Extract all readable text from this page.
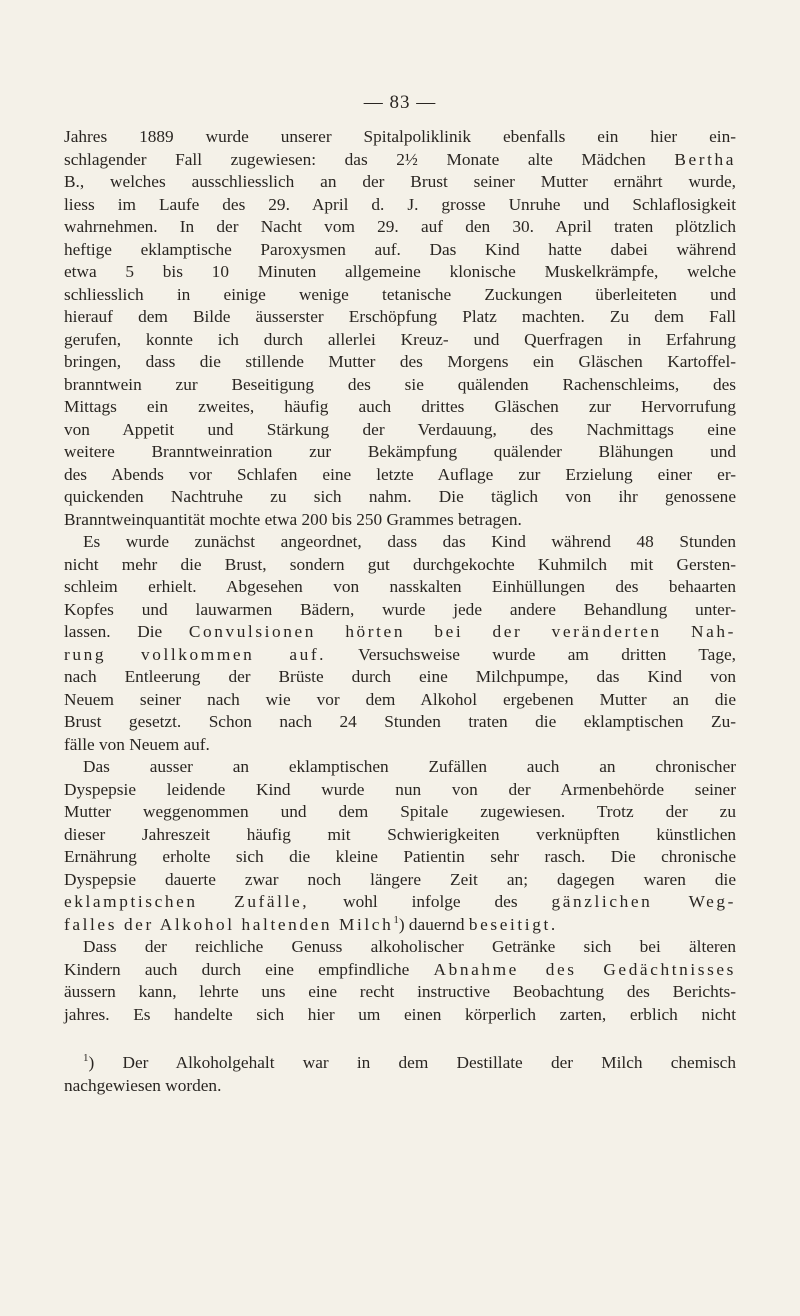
— 83 —
Jahres 1889 wurde unserer Spitalpoliklinik ebenfalls ein hier ein-
schlagender Fall zugewiesen: das 2½ Monate alte Mädchen Bertha
B., welches ausschliesslich an der Brust seiner Mutter ernährt wurde,
liess im Laufe des 29. April d. J. grosse Unruhe und Schlaflosigkeit
wahrnehmen. In der Nacht vom 29. auf den 30. April traten plötzlich
heftige eklamptische Paroxysmen auf. Das Kind hatte dabei während
etwa 5 bis 10 Minuten allgemeine klonische Muskelkrämpfe, welche
schliesslich in einige wenige tetanische Zuckungen überleiteten und
hierauf dem Bilde äusserster Erschöpfung Platz machten. Zu dem Fall
gerufen, konnte ich durch allerlei Kreuz- und Querfragen in Erfahrung
bringen, dass die stillende Mutter des Morgens ein Gläschen Kartoffel-
branntwein zur Beseitigung des sie quälenden Rachenschleims, des
Mittags ein zweites, häufig auch drittes Gläschen zur Hervorrufung
von Appetit und Stärkung der Verdauung, des Nachmittags eine
weitere Branntweinration zur Bekämpfung quälender Blähungen und
des Abends vor Schlafen eine letzte Auflage zur Erzielung einer er-
quickenden Nachtruhe zu sich nahm. Die täglich von ihr genossene
Branntweinquantität mochte etwa 200 bis 250 Grammes betragen.
Es wurde zunächst angeordnet, dass das Kind während 48 Stunden
nicht mehr die Brust, sondern gut durchgekochte Kuhmilch mit Gersten-
schleim erhielt. Abgesehen von nasskalten Einhüllungen des behaarten
Kopfes und lauwarmen Bädern, wurde jede andere Behandlung unter-
lassen. Die Convulsionen hörten bei der veränderten Nah-
rung vollkommen auf. Versuchsweise wurde am dritten Tage,
nach Entleerung der Brüste durch eine Milchpumpe, das Kind von
Neuem seiner nach wie vor dem Alkohol ergebenen Mutter an die
Brust gesetzt. Schon nach 24 Stunden traten die eklamptischen Zu-
fälle von Neuem auf.
Das ausser an eklamptischen Zufällen auch an chronischer
Dyspepsie leidende Kind wurde nun von der Armenbehörde seiner
Mutter weggenommen und dem Spitale zugewiesen. Trotz der zu
dieser Jahreszeit häufig mit Schwierigkeiten verknüpften künstlichen
Ernährung erholte sich die kleine Patientin sehr rasch. Die chronische
Dyspepsie dauerte zwar noch längere Zeit an; dagegen waren die
eklamptischen Zufälle, wohl infolge des gänzlichen Weg-
falles der Alkohol haltenden Milch$^1$) dauernd beseitigt.
Dass der reichliche Genuss alkoholischer Getränke sich bei älteren
Kindern auch durch eine empfindliche Abnahme des Gedächtnisses
äussern kann, lehrte uns eine recht instructive Beobachtung des Berichts-
jahres. Es handelte sich hier um einen körperlich zarten, erblich nicht
$^1$) Der Alkoholgehalt war in dem Destillate der Milch chemisch
nachgewiesen worden.
